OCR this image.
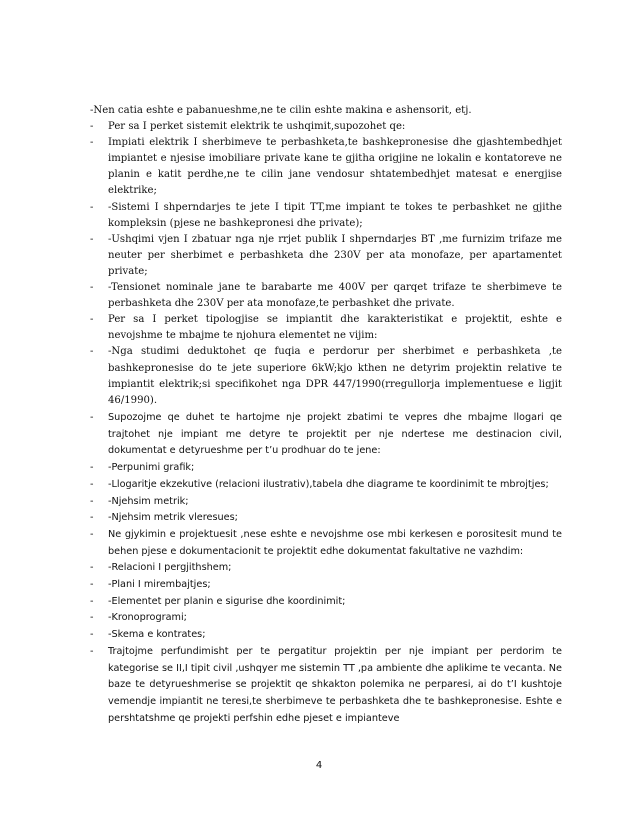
-Nen catia eshte e pabanueshme,ne te cilin eshte makina e ashensorit, etj.

- Per sa I perket sistemit elektrik te ushqimit,supozohet qe:

- Impiati elektrik I sherbimeve te perbashketa,te bashkepronesise dhe gjashtembedhjet impiantet e njesise imobiliare private kane te gjitha origjine ne lokalin e kontatoreve ne planin e katit perdhe,ne te cilin jane vendosur shtatembedhjet matesat e energjise elektrike;

- -Sistemi I shperndarjes te jete I tipit TT,me impiant te tokes te perbashket ne gjithe kompleksin (pjese ne bashkepronesi dhe private);

- -Ushqimi vjen I zbatuar nga nje rrjet publik I shperndarjes BT ,me furnizim trifaze me neuter per sherbimet e perbashketa dhe 230V per ata monofaze, per apartamentet private;

- -Tensionet nominale jane te barabarte me 400V per qarqet trifaze te sherbimeve te perbashketa dhe 230V per ata monofaze,te perbashket dhe private.

- Per sa I perket tipologjise se impiantit dhe karakteristikat e projektit, eshte e nevojshme te mbajme te njohura elementet ne vijim:

- -Nga studimi deduktohet qe fuqia e perdorur per sherbimet e perbashketa ,te bashkepronesise do te jete superiore 6kW;kjo kthen ne detyrim projektin relative te impiantit elektrik;si specifikohet nga DPR 447/1990(rregullorja implementuese e ligjit 46/1990).

- Supozojme qe duhet te hartojme nje projekt zbatimi te vepres dhe mbajme llogari qe trajtohet nje impiant me detyre te projektit per nje ndertese me destinacion civil, dokumentat e detyrueshme per t’u prodhuar do te jene:

- -Perpunimi grafik;

- -Llogaritje ekzekutive (relacioni ilustrativ),tabela dhe diagrame te koordinimit te mbrojtjes;

- -Njehsim metrik;

- -Njehsim metrik vleresues;

- Ne gjykimin e projektuesit ,nese eshte e nevojshme ose mbi kerkesen e porositesit mund te behen pjese e dokumentacionit te projektit edhe dokumentat fakultative ne vazhdim:

- -Relacioni I pergjithshem;

- -Plani I mirembajtjes;

- -Elementet per planin e sigurise dhe koordinimit;

- -Kronoprogrami;

- -Skema e kontrates;

- Trajtojme perfundimisht per te pergatitur projektin per nje impiant per perdorim te kategorise se II,I tipit civil ,ushqyer me sistemin TT ,pa ambiente dhe aplikime te vecanta. Ne baze te detyrueshmerise se projektit qe shkakton polemika ne perparesi, ai do t’I kushtoje vemendje impiantit ne teresi,te sherbimeve te perbashketa dhe te bashkepronesise. Eshte e pershtatshme qe projekti perfshin edhe pjeset e impianteve

4
